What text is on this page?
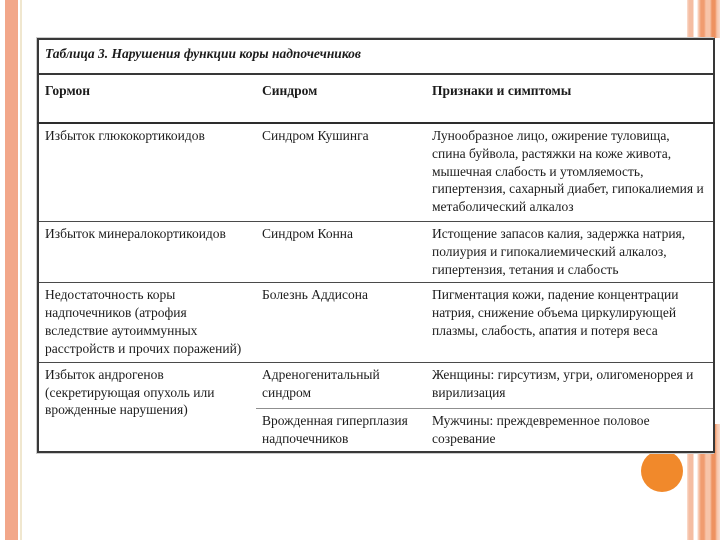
Таблица 3. Нарушения функции коры надпочечников		
Гормон	Синдром	Признаки и симптомы
Избыток глюкокортикоидов	Синдром Кушинга	Лунообразное лицо, ожирение туловища, спина буйвола, растяжки на коже живота, мышечная слабость и утомляемость, гипертензия, сахарный диабет, гипокалиемия и метаболический алкалоз
Избыток минералокортикоидов	Синдром Конна	Истощение запасов калия, задержка натрия, полиурия и гипокалиемический алкалоз, гипертензия, тетания и слабость
Недостаточность коры надпочечников (атрофия вследствие аутоиммунных расстройств и прочих поражений)	Болезнь Аддисона	Пигментация кожи, падение концентрации натрия, снижение объема циркулирующей плазмы, слабость, апатия и потеря веса
Избыток андрогенов (секретирующая опухоль или врожденные нарушения)	Адреногенитальный синдром	Женщины: гирсутизм, угри, олигоменоррея и вирилизация
	Врожденная гиперплазия надпочечников	Мужчины: преждевременное половое созревание
